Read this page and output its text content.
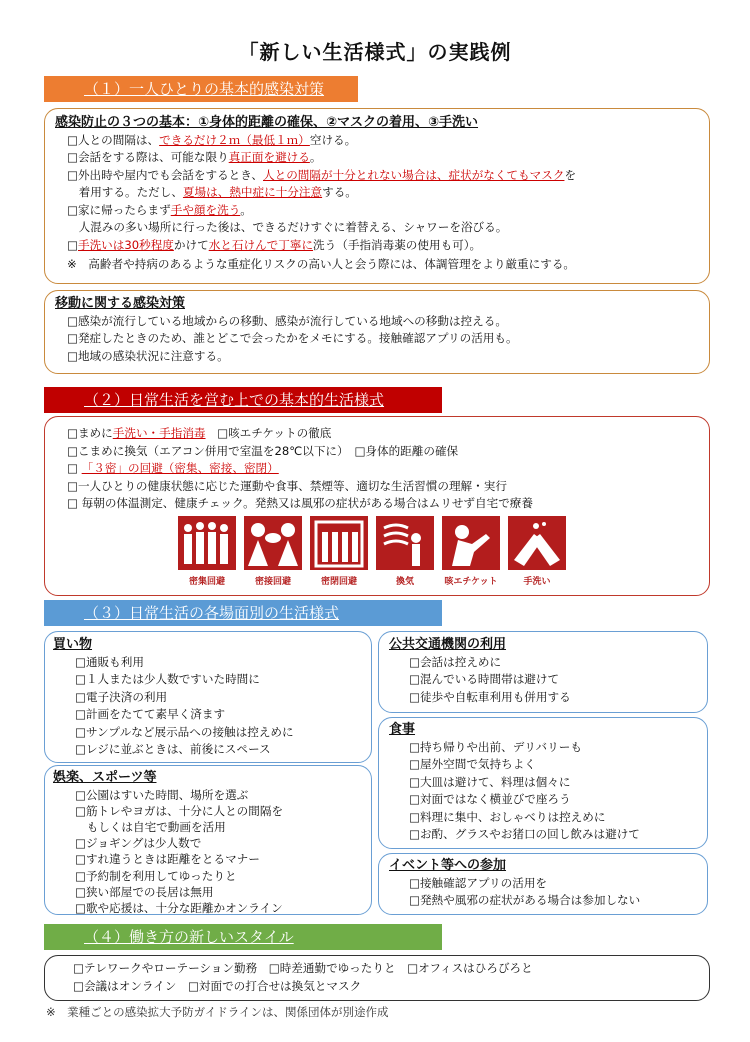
「新しい生活様式」の実践例
（１）一人ひとりの基本的感染対策
感染防止の３つの基本：①身体的距離の確保、②マスクの着用、③手洗い
□人との間隔は、できるだけ２ｍ（最低１ｍ）空ける。
□会話をする際は、可能な限り真正面を避ける。
□外出時や屋内でも会話をするとき、人との間隔が十分とれない場合は、症状がなくてもマスクを
　着用する。ただし、夏場は、熱中症に十分注意する。
□家に帰ったらまず手や顔を洗う。
　人混みの多い場所に行った後は、できるだけすぐに着替える、シャワーを浴びる。
□手洗いは30秒程度かけて水と石けんで丁寧に洗う（手指消毒薬の使用も可）。
※　高齢者や持病のあるような重症化リスクの高い人と会う際には、体調管理をより厳重にする。
移動に関する感染対策
□感染が流行している地域からの移動、感染が流行している地域への移動は控える。
□発症したときのため、誰とどこで会ったかをメモにする。接触確認アプリの活用も。
□地域の感染状況に注意する。
（２）日常生活を営む上での基本的生活様式
□まめに手洗い・手指消毒　□咳エチケットの徹底
□こまめに換気（エアコン併用で室温を28℃以下に）　 □身体的距離の確保
□ 「３密」の回避（密集、密接、密閉）
□一人ひとりの健康状態に応じた運動や食事、禁煙等、適切な生活習慣の理解・実行
□ 毎朝の体温測定、健康チェック。発熱又は風邪の症状がある場合はムリせず自宅で療養
密集回避	密接回避	密閉回避	換気	咳エチケット	手洗い
（３）日常生活の各場面別の生活様式
買い物
□通販も利用
□１人または少人数ですいた時間に
□電子決済の利用
□計画をたてて素早く済ます
□サンプルなど展示品への接触は控えめに
□レジに並ぶときは、前後にスペース
娯楽、スポーツ等
□公園はすいた時間、場所を選ぶ
□筋トレやヨガは、十分に人との間隔を
　もしくは自宅で動画を活用
□ジョギングは少人数で
□すれ違うときは距離をとるマナー
□予約制を利用してゆったりと
□狭い部屋での長居は無用
□歌や応援は、十分な距離かオンライン
公共交通機関の利用
□会話は控えめに
□混んでいる時間帯は避けて
□徒歩や自転車利用も併用する
食事
□持ち帰りや出前、デリバリーも
□屋外空間で気持ちよく
□大皿は避けて、料理は個々に
□対面ではなく横並びで座ろう
□料理に集中、おしゃべりは控えめに
□お酌、グラスやお猪口の回し飲みは避けて
イベント等への参加
□接触確認アプリの活用を
□発熱や風邪の症状がある場合は参加しない
（４）働き方の新しいスタイル
□テレワークやローテーション勤務　□時差通勤でゆったりと　□オフィスはひろびろと
□会議はオンライン　□対面での打合せは換気とマスク
※　業種ごとの感染拡大予防ガイドラインは、関係団体が別途作成
